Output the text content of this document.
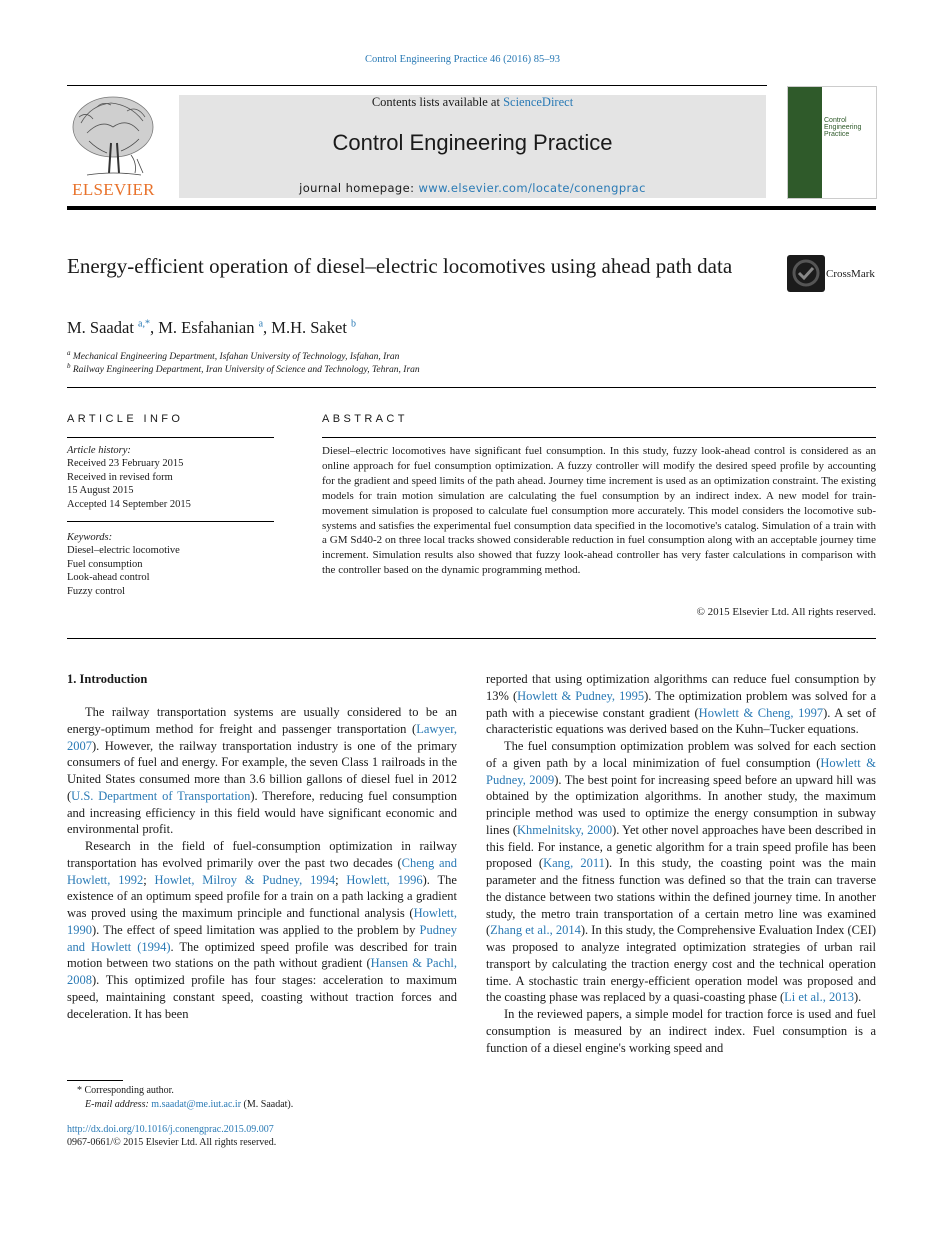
Control Engineering Practice 46 (2016) 85–93
ELSEVIER
Contents lists available at ScienceDirect
Control Engineering Practice
journal homepage: www.elsevier.com/locate/conengprac
Control Engineering Practice
Energy-efficient operation of diesel–electric locomotives using ahead path data	CrossMark
M. Saadat $^{a,*}$, M. Esfahanian $^a$, M.H. Saket $^b$
$^a$ Mechanical Engineering Department, Isfahan University of Technology, Isfahan, Iran
$^b$ Railway Engineering Department, Iran University of Science and Technology, Tehran, Iran
ARTICLE INFO
Article history:
Received 23 February 2015
Received in revised form
15 August 2015
Accepted 14 September 2015
Keywords:
Diesel–electric locomotive
Fuel consumption
Look-ahead control
Fuzzy control
ABSTRACT
Diesel–electric locomotives have significant fuel consumption. In this study, fuzzy look-ahead control is considered as an online approach for fuel consumption optimization. A fuzzy controller will modify the desired speed profile by accounting for the gradient and speed limits of the path ahead. Journey time increment is used as an optimization constraint. The existing models for train motion simulation are calculating the fuel consumption by an indirect index. A new model for train-movement simulation is proposed to calculate fuel consumption more accurately. This model considers the locomotive sub-systems and satisfies the experimental fuel consumption data specified in the locomotive's catalog. Simulation of a train with a GM Sd40-2 on three local tracks showed considerable reduction in fuel consumption along with an acceptable journey time increment. Simulation results also showed that fuzzy look-ahead controller has very faster calculations in comparison with the controller based on the dynamic programming method.
© 2015 Elsevier Ltd. All rights reserved.
1. Introduction

The railway transportation systems are usually considered to be an energy-optimum method for freight and passenger transportation (Lawyer, 2007). However, the railway transportation industry is one of the primary consumers of fuel and energy. For example, the seven Class 1 railroads in the United States consumed more than 3.6 billion gallons of diesel fuel in 2012 (U.S. Department of Transportation). Therefore, reducing fuel consumption and increasing efficiency in this field would have significant economic and environmental profit.

Research in the field of fuel-consumption optimization in railway transportation has evolved primarily over the past two decades (Cheng and Howlett, 1992; Howlet, Milroy & Pudney, 1994; Howlett, 1996). The existence of an optimum speed profile for a train on a path lacking a gradient was proved using the maximum principle and functional analysis (Howlett, 1990). The effect of speed limitation was applied to the problem by Pudney and Howlett (1994). The optimized speed profile was described for train motion between two stations on the path without gradient (Hansen & Pachl, 2008). This optimized profile has four stages: acceleration to maximum speed, maintaining constant speed, coasting without traction forces and deceleration. It has been

reported that using optimization algorithms can reduce fuel consumption by 13% (Howlett & Pudney, 1995). The optimization problem was solved for a path with a piecewise constant gradient (Howlett & Cheng, 1997). A set of characteristic equations was derived based on the Kuhn–Tucker equations.

The fuel consumption optimization problem was solved for each section of a given path by a local minimization of fuel consumption (Howlett & Pudney, 2009). The best point for increasing speed before an upward hill was obtained by the optimization algorithms. In another study, the maximum principle method was used to optimize the energy consumption in subway lines (Khmelnitsky, 2000). Yet other novel approaches have been described in this field. For instance, a genetic algorithm for a train speed profile has been proposed (Kang, 2011). In this study, the coasting point was the main parameter and the fitness function was defined so that the train can traverse the distance between two stations within the defined journey time. In another study, the metro train transportation of a certain metro line was examined (Zhang et al., 2014). In this study, the Comprehensive Evaluation Index (CEI) was proposed to analyze integrated optimization strategies of urban rail transport by calculating the traction energy cost and the technical operation time. A stochastic train energy-efficient operation model was proposed and the coasting phase was replaced by a quasi-coasting phase (Li et al., 2013).

In the reviewed papers, a simple model for traction force is used and fuel consumption is measured by an indirect index. Fuel consumption is a function of a diesel engine's working speed and

* Corresponding author.
E-mail address: m.saadat@me.iut.ac.ir (M. Saadat).
http://dx.doi.org/10.1016/j.conengprac.2015.09.007
0967-0661/© 2015 Elsevier Ltd. All rights reserved.
